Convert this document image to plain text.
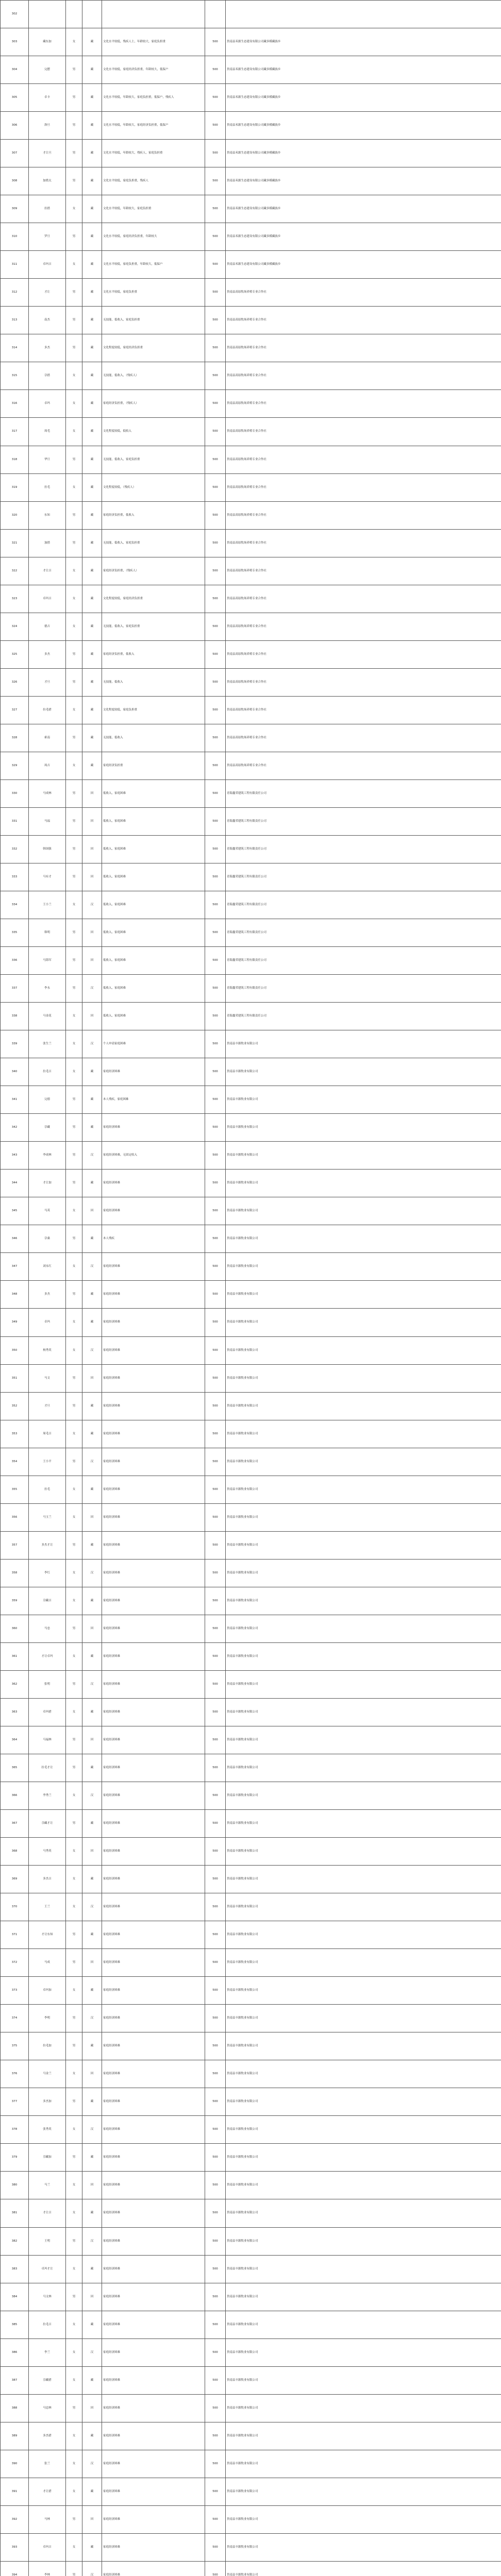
302						
303	藏东加	女	藏	文化水平较低，残疾人士，年龄较大，家庭负担重	500	贵南县禾源生态建设有限公司藏多模藏族乡
304	完摆	男	藏	文化水平较低，家庭经济负担重，年龄较大，低保户	500	贵南县禾源生态建设有限公司藏多模藏族乡
305	卓卡	男	藏	文化水平较低，年龄较大，家庭负担重，低保户，残疾人	500	贵南县禾源生态建设有限公司藏多模藏族乡
306	洛旦	男	藏	文化水平较低，年龄较大，家庭经济负担重，低保户	500	贵南县禾源生态建设有限公司藏多模藏族乡
307	才让旦	男	藏	文化水平较低，年龄较大，残疾人，家庭负担重	500	贵南县禾源生态建设有限公司藏多模藏族乡
308	加措太	男	藏	文化水平较低，家庭负担重，残疾人	500	贵南县禾源生态建设有限公司藏多模藏族乡
309	拉措	女	藏	文化水平较低，年龄较大，家庭负担重	500	贵南县禾源生态建设有限公司藏多模藏族乡
310	罗旦	男	藏	文化水平较低，家庭经济负担重，年龄较大	500	贵南县禾源生态建设有限公司藏多模藏族乡
311	卓玛吉	女	藏	文化水平较低，家庭负担重，年龄较大，低保户	500	贵南县禾源生态建设有限公司藏多模藏族乡
312	才让	男	藏	文化水平较低，家庭负担重	500	贵南县高原牧场养殖专业合作社
313	南杰	男	藏	无技能，低收入，家庭负担重	500	贵南县高原牧场养殖专业合作社
314	多杰	男	藏	文化程度较低，家庭经济负担重	500	贵南县高原牧场养殖专业合作社
315	尕措	女	藏	无技能，低收入，（残疾人）	500	贵南县高原牧场养殖专业合作社
316	卓玛	女	藏	家庭经济负担重，（残疾人）	500	贵南县高原牧场养殖专业合作社
317	周毛	女	藏	文化程度较低，低收入	500	贵南县高原牧场养殖专业合作社
318	华旦	男	藏	无技能，低收入，家庭负担重	500	贵南县高原牧场养殖专业合作社
319	拉毛	女	藏	文化程度较低，（残疾人）	500	贵南县高原牧场养殖专业合作社
320	东知	男	藏	家庭经济负担重，低收入	500	贵南县高原牧场养殖专业合作社
321	加措	男	藏	无技能，低收入，家庭负担重	500	贵南县高原牧场养殖专业合作社
322	才让吉	女	藏	家庭经济负担重，（残疾人）	500	贵南县高原牧场养殖专业合作社
323	卓玛吉	女	藏	文化程度较低，家庭经济负担重	500	贵南县高原牧场养殖专业合作社
324	德吉	女	藏	无技能，低收入，家庭负担重	500	贵南县高原牧场养殖专业合作社
325	多杰	男	藏	家庭经济负担重，低收入	500	贵南县高原牧场养殖专业合作社
326	才旦	男	藏	无技能，低收入	500	贵南县高原牧场养殖专业合作社
327	拉毛措	女	藏	文化程度较低，家庭负担重	500	贵南县高原牧场养殖专业合作社
328	索南	男	藏	无技能，低收入	500	贵南县高原牧场养殖专业合作社
329	周吉	女	藏	家庭经济负担重	500	贵南县高原牧场养殖专业合作社
330	马成林	男	回	低收入，家庭困难	500	青海鑫荣建筑工程有限责任公司
331	马福	男	回	低收入，家庭困难	500	青海鑫荣建筑工程有限责任公司
332	韩国强	男	回	低收入，家庭困难	500	青海鑫荣建筑工程有限责任公司
333	马有才	男	回	低收入，家庭困难	500	青海鑫荣建筑工程有限责任公司
334	王小兰	女	汉	低收入，家庭困难	500	青海鑫荣建筑工程有限责任公司
335	韩明	男	回	低收入，家庭困难	500	青海鑫荣建筑工程有限责任公司
336	马海军	男	回	低收入，家庭困难	500	青海鑫荣建筑工程有限责任公司
337	李永	男	汉	低收入，家庭困难	500	青海鑫荣建筑工程有限责任公司
338	马金花	女	回	低收入，家庭困难	500	青海鑫荣建筑工程有限责任公司
339	张生兰	女	汉	个人申请家庭困难	500	贵南县丰源牧业有限公司
340	拉毛吉	女	藏	家庭经济困难	500	贵南县丰源牧业有限公司
341	完德	男	藏	本人残疾，家庭困难	500	贵南县丰源牧业有限公司
342	尕藏	男	藏	家庭经济困难	500	贵南县丰源牧业有限公司
343	李成林	男	汉	家庭经济困难，无固定收入	500	贵南县丰源牧业有限公司
344	才让加	男	藏	家庭经济困难	500	贵南县丰源牧业有限公司
345	马英	女	回	家庭经济困难	500	贵南县丰源牧业有限公司
346	尕桑	男	藏	本人残疾	500	贵南县丰源牧业有限公司
347	刘永红	女	汉	家庭经济困难	500	贵南县丰源牧业有限公司
348	多杰	男	藏	家庭经济困难	500	贵南县丰源牧业有限公司
349	卓玛	女	藏	家庭经济困难	500	贵南县丰源牧业有限公司
350	杨秀英	女	汉	家庭经济困难	500	贵南县丰源牧业有限公司
351	马文	男	回	家庭经济困难	500	贵南县丰源牧业有限公司
352	才旦	男	藏	家庭经济困难	500	贵南县丰源牧业有限公司
353	周毛吉	女	藏	家庭经济困难	500	贵南县丰源牧业有限公司
354	王小平	男	汉	家庭经济困难	500	贵南县丰源牧业有限公司
355	拉毛	女	藏	家庭经济困难	500	贵南县丰源牧业有限公司
356	马玉兰	女	回	家庭经济困难	500	贵南县丰源牧业有限公司
357	多杰才让	男	藏	家庭经济困难	500	贵南县丰源牧业有限公司
358	李红	女	汉	家庭经济困难	500	贵南县丰源牧业有限公司
359	尕藏吉	女	藏	家庭经济困难	500	贵南县丰源牧业有限公司
360	马忠	男	回	家庭经济困难	500	贵南县丰源牧业有限公司
361	才让卓玛	女	藏	家庭经济困难	500	贵南县丰源牧业有限公司
362	张明	男	汉	家庭经济困难	500	贵南县丰源牧业有限公司
363	卓玛措	女	藏	家庭经济困难	500	贵南县丰源牧业有限公司
364	马福林	男	回	家庭经济困难	500	贵南县丰源牧业有限公司
365	拉毛才让	男	藏	家庭经济困难	500	贵南县丰源牧业有限公司
366	李秀兰	女	汉	家庭经济困难	500	贵南县丰源牧业有限公司
367	尕藏才让	男	藏	家庭经济困难	500	贵南县丰源牧业有限公司
368	马秀英	女	回	家庭经济困难	500	贵南县丰源牧业有限公司
369	多杰吉	女	藏	家庭经济困难	500	贵南县丰源牧业有限公司
370	王兰	女	汉	家庭经济困难	500	贵南县丰源牧业有限公司
371	才让东知	男	藏	家庭经济困难	500	贵南县丰源牧业有限公司
372	马成	男	回	家庭经济困难	500	贵南县丰源牧业有限公司
373	卓玛加	女	藏	家庭经济困难	500	贵南县丰源牧业有限公司
374	李明	男	汉	家庭经济困难	500	贵南县丰源牧业有限公司
375	拉毛加	男	藏	家庭经济困难	500	贵南县丰源牧业有限公司
376	马金兰	女	回	家庭经济困难	500	贵南县丰源牧业有限公司
377	多杰加	男	藏	家庭经济困难	500	贵南县丰源牧业有限公司
378	张秀英	女	汉	家庭经济困难	500	贵南县丰源牧业有限公司
379	尕藏加	男	藏	家庭经济困难	500	贵南县丰源牧业有限公司
380	马兰	女	回	家庭经济困难	500	贵南县丰源牧业有限公司
381	才让吉	女	藏	家庭经济困难	500	贵南县丰源牧业有限公司
382	王明	男	汉	家庭经济困难	500	贵南县丰源牧业有限公司
383	卓玛才让	女	藏	家庭经济困难	500	贵南县丰源牧业有限公司
384	马文林	男	回	家庭经济困难	500	贵南县丰源牧业有限公司
385	拉毛吉	女	藏	家庭经济困难	500	贵南县丰源牧业有限公司
386	李兰	女	汉	家庭经济困难	500	贵南县丰源牧业有限公司
387	尕藏措	女	藏	家庭经济困难	500	贵南县丰源牧业有限公司
388	马忠林	男	回	家庭经济困难	500	贵南县丰源牧业有限公司
389	多杰措	女	藏	家庭经济困难	500	贵南县丰源牧业有限公司
390	张兰	女	汉	家庭经济困难	500	贵南县丰源牧业有限公司
391	才让措	女	藏	家庭经济困难	500	贵南县丰源牧业有限公司
392	马林	男	回	家庭经济困难	500	贵南县丰源牧业有限公司
393	卓玛吉	女	藏	家庭经济困难	500	贵南县丰源牧业有限公司
394	李林	男	汉	家庭经济困难	500	贵南县丰源牧业有限公司
